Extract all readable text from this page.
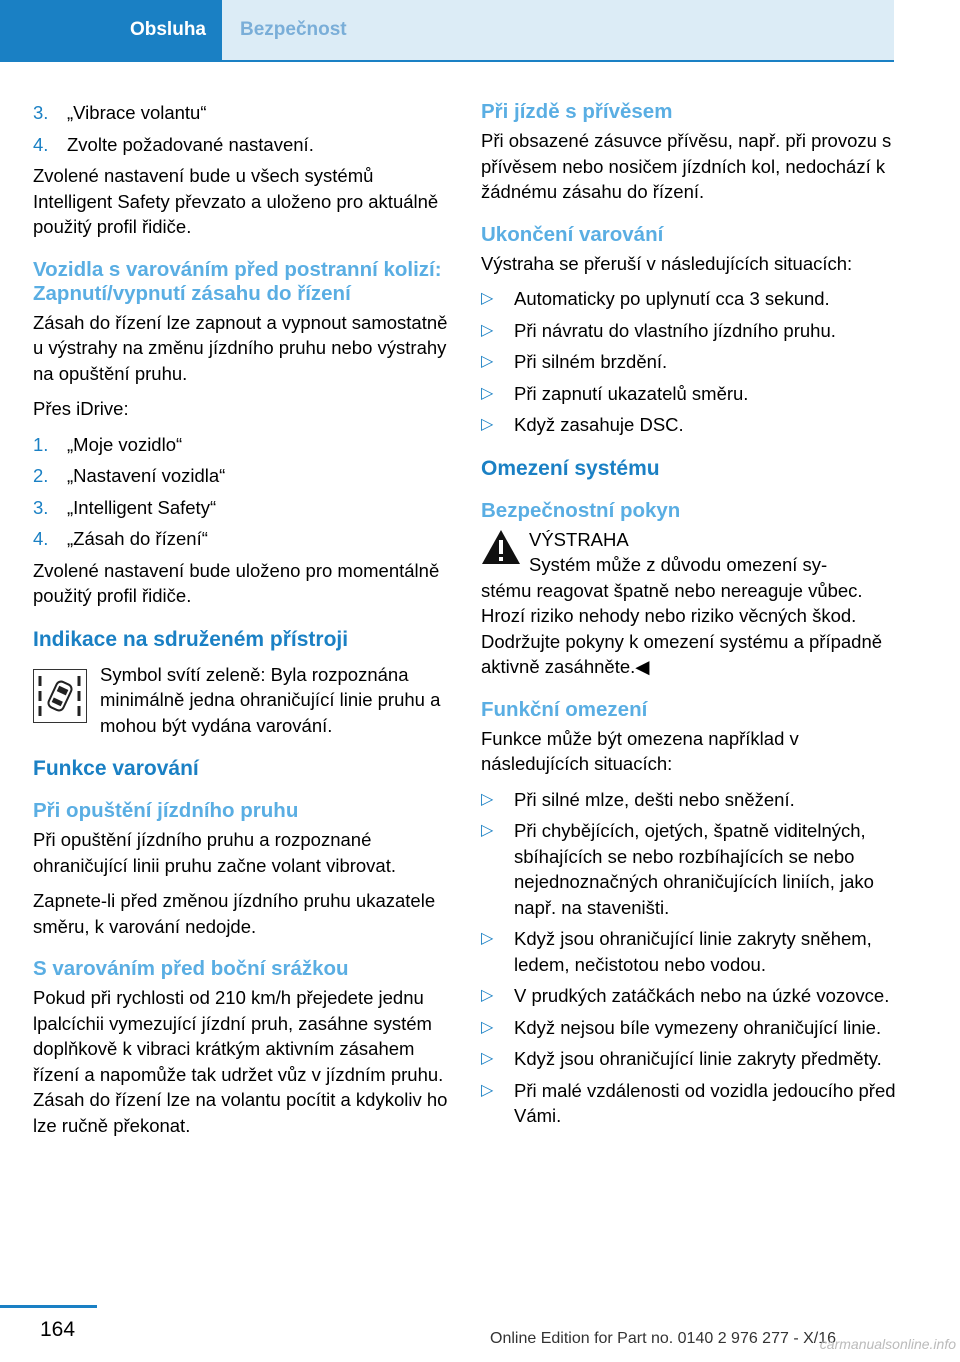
Obsluha	Bezpečnost
3. „Vibrace volantu“
4. Zvolte požadované nastavení.

Zvolené nastavení bude u všech systémů Intelligent Safety převzato a uloženo pro aktuálně použitý profil řidiče.

Vozidla s varováním před postranní kolizí: Zapnutí/vypnutí zásahu do řízení

Zásah do řízení lze zapnout a vypnout samostatně u výstrahy na změnu jízdního pruhu nebo výstrahy na opuštění pruhu.

Přes iDrive:

1. „Moje vozidlo“
2. „Nastavení vozidla“
3. „Intelligent Safety“
4. „Zásah do řízení“

Zvolené nastavení bude uloženo pro momentálně použitý profil řidiče.

Indikace na sdruženém přístroji
Symbol svítí zeleně: Byla rozpoznána minimálně jedna ohraničující linie pruhu a mohou být vydána varování.
Funkce varování
Při opuštění jízdního pruhu

Při opuštění jízdního pruhu a rozpoznané ohraničující linii pruhu začne volant vibrovat.

Zapnete-li před změnou jízdního pruhu ukazatele směru, k varování nedojde.

S varováním před boční srážkou

Pokud při rychlosti od 210 km/h přejedete jednu lpalcíchii vymezující jízdní pruh, zasáhne systém doplňkově k vibraci krátkým aktivním zásahem řízení a napomůže tak udržet vůz v jízdním pruhu. Zásah do řízení lze na volantu pocítit a kdykoliv ho lze ručně překonat.

Při jízdě s přívěsem

Při obsazené zásuvce přívěsu, např. při provozu s přívěsem nebo nosičem jízdních kol, nedochází k žádnému zásahu do řízení.

Ukončení varování

Výstraha se přeruší v následujících situacích:

▷ Automaticky po uplynutí cca 3 sekund.
▷ Při návratu do vlastního jízdního pruhu.
▷ Při silném brzdění.
▷ Při zapnutí ukazatelů směru.
▷ Když zasahuje DSC.
Omezení systému
Bezpečnostní pokyn
VÝSTRAHA
Systém může z důvodu omezení sy‐
stému reagovat špatně nebo nereaguje vůbec. Hrozí riziko nehody nebo riziko věcných škod. Dodržujte pokyny k omezení systému a případně aktivně zasáhněte.◀
Funkční omezení

Funkce může být omezena například v následujících situacích:

▷ Při silné mlze, dešti nebo sněžení.
▷ Při chybějících, ojetých, špatně viditelných, sbíhajících se nebo rozbíhajících se nebo nejednoznačných ohraničujících liniích, jako např. na staveništi.
▷ Když jsou ohraničující linie zakryty sněhem, ledem, nečistotou nebo vodou.
▷ V prudkých zatáčkách nebo na úzké vozovce.
▷ Když nejsou bíle vymezeny ohraničující linie.
▷ Když jsou ohraničující linie zakryty předměty.
▷ Při malé vzdálenosti od vozidla jedoucího před Vámi.
164	Online Edition for Part no. 0140 2 976 277 - X/16
carmanualsonline.info
